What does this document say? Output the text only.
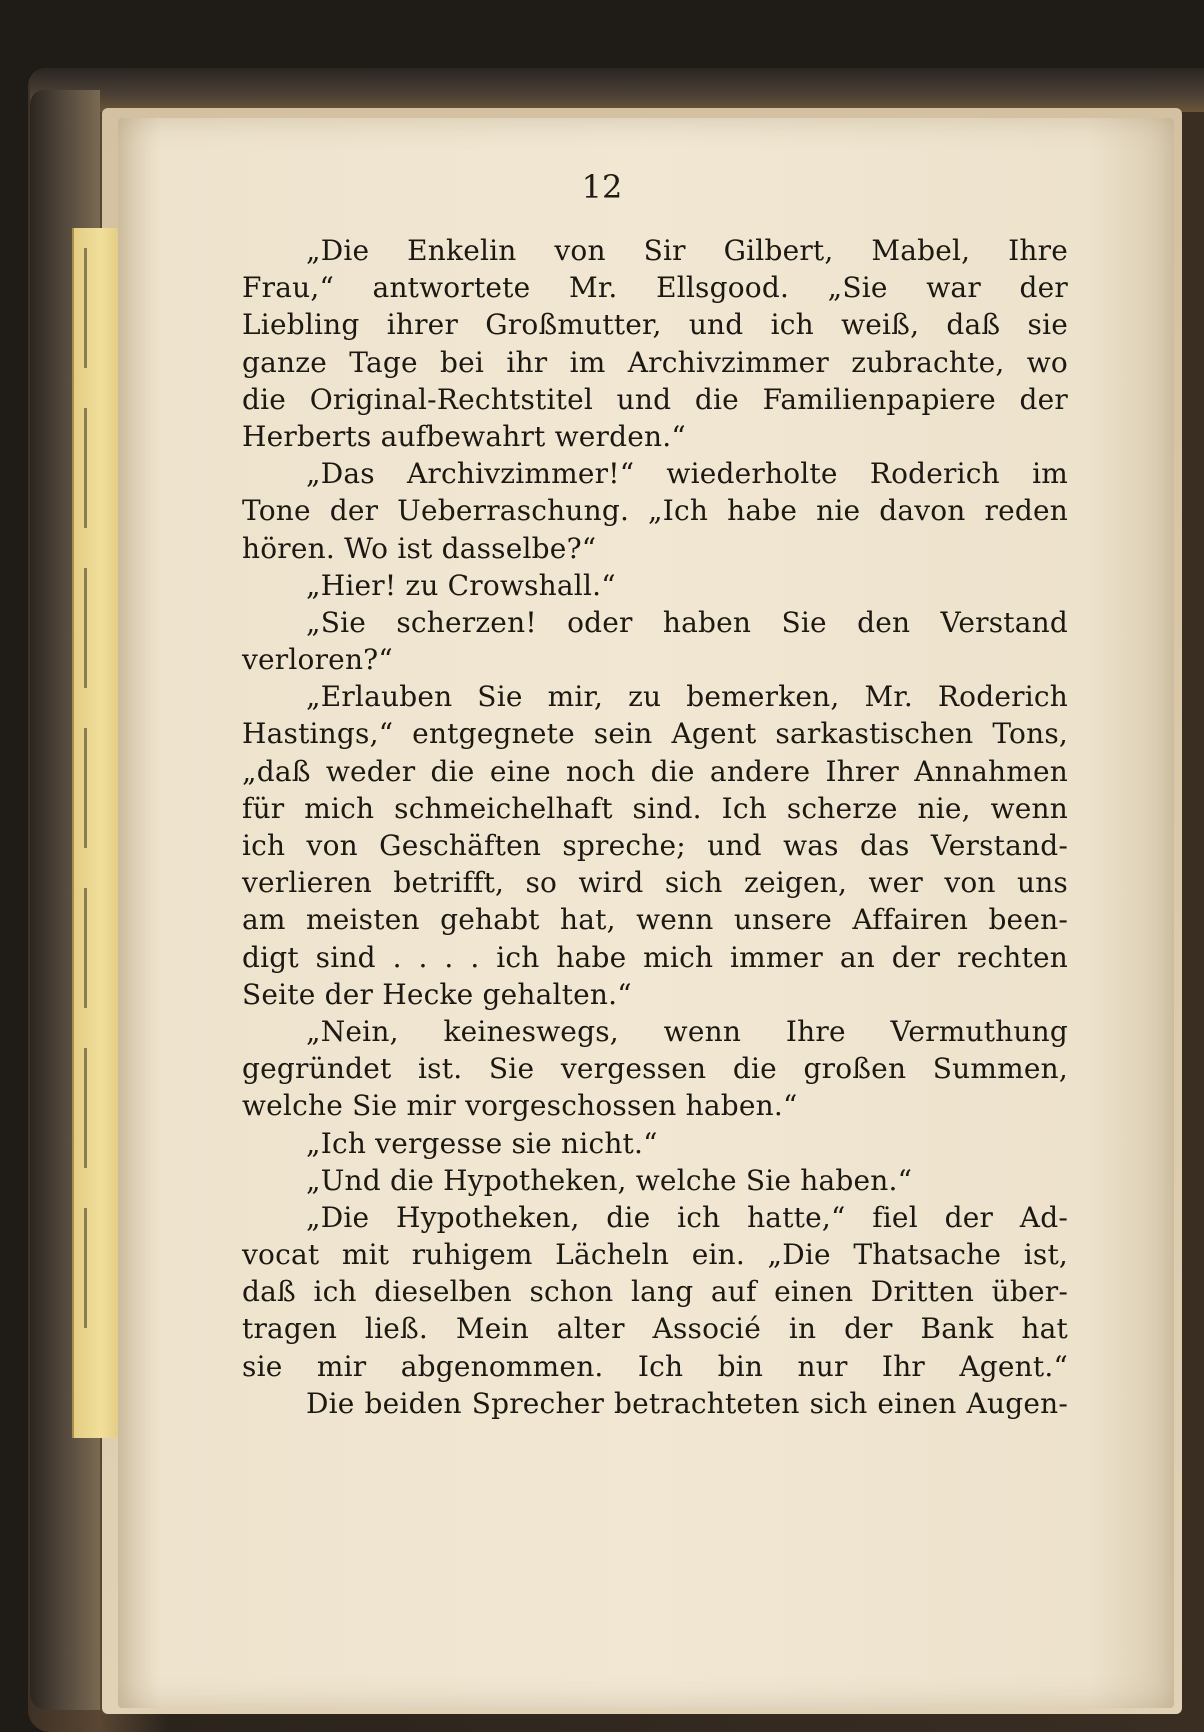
12
„Die Enkelin von Sir Gilbert, Mabel, Ihre
Frau,“ antwortete Mr. Ellsgood. „Sie war der
Liebling ihrer Großmutter, und ich weiß, daß sie
ganze Tage bei ihr im Archivzimmer zubrachte, wo
die Original-Rechtstitel und die Familienpapiere der
Herberts aufbewahrt werden.“
„Das Archivzimmer!“ wiederholte Roderich im
Tone der Ueberraschung. „Ich habe nie davon reden
hören. Wo ist dasselbe?“
„Hier! zu Crowshall.“
„Sie scherzen! oder haben Sie den Verstand
verloren?“
„Erlauben Sie mir, zu bemerken, Mr. Roderich
Hastings,“ entgegnete sein Agent sarkastischen Tons,
„daß weder die eine noch die andere Ihrer Annahmen
für mich schmeichelhaft sind. Ich scherze nie, wenn
ich von Geschäften spreche; und was das Verstand-
verlieren betrifft, so wird sich zeigen, wer von uns
am meisten gehabt hat, wenn unsere Affairen been-
digt sind . . . . ich habe mich immer an der rechten
Seite der Hecke gehalten.“
„Nein, keineswegs, wenn Ihre Vermuthung
gegründet ist. Sie vergessen die großen Summen,
welche Sie mir vorgeschossen haben.“
„Ich vergesse sie nicht.“
„Und die Hypotheken, welche Sie haben.“
„Die Hypotheken, die ich hatte,“ fiel der Ad-
vocat mit ruhigem Lächeln ein. „Die Thatsache ist,
daß ich dieselben schon lang auf einen Dritten über-
tragen ließ. Mein alter Associé in der Bank hat
sie mir abgenommen. Ich bin nur Ihr Agent.“
Die beiden Sprecher betrachteten sich einen Augen-
